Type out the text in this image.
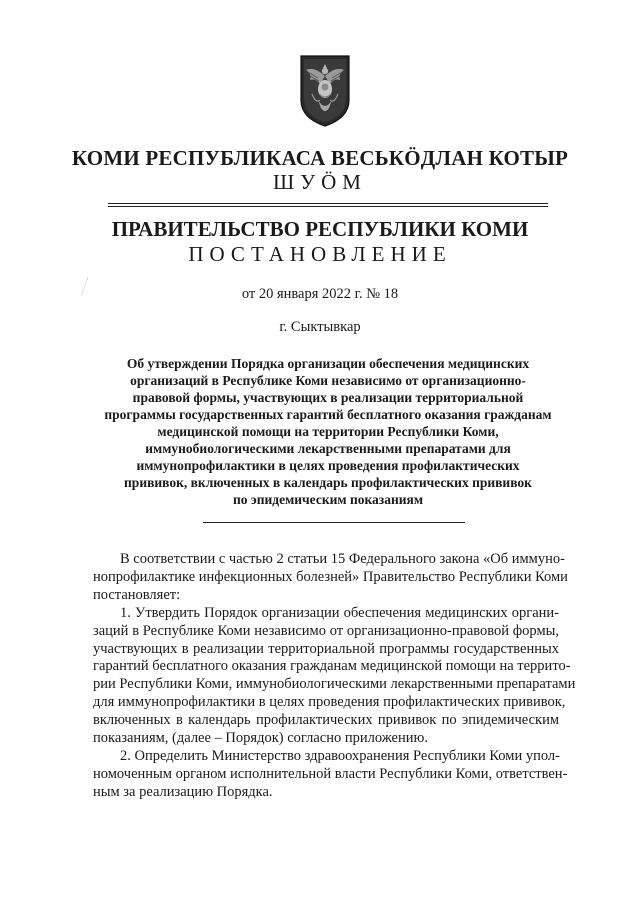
КОМИ РЕСПУБЛИКАСА ВЕСЬКӦДЛАН КОТЫР
ШУӦМ
ПРАВИТЕЛЬСТВО РЕСПУБЛИКИ КОМИ
ПОСТАНОВЛЕНИЕ
от 20 января 2022 г. № 18
г. Сыктывкар
Об утверждении Порядка организации обеспечения медицинских
организаций в Республике Коми независимо от организационно-
правовой формы, участвующих в реализации территориальной
программы государственных гарантий бесплатного оказания гражданам
медицинской помощи на территории Республики Коми,
иммунобиологическими лекарственными препаратами для
иммунопрофилактики в целях проведения профилактических
прививок, включенных в календарь профилактических прививок
по эпидемическим показаниям
В соответствии с частью 2 статьи 15 Федерального закона «Об иммуно-
нопрофилактике инфекционных болезней» Правительство Республики Коми
постановляет:
1. Утвердить Порядок организации обеспечения медицинских органи-
заций в Республике Коми независимо от организационно-правовой формы,
участвующих в реализации территориальной программы государственных
гарантий бесплатного оказания гражданам медицинской помощи на террито-
рии Республики Коми, иммунобиологическими лекарственными препаратами
для иммунопрофилактики в целях проведения профилактических прививок,
включенных в календарь профилактических прививок по эпидемическим
показаниям, (далее – Порядок) согласно приложению.
2. Определить Министерство здравоохранения Республики Коми упол-
номоченным органом исполнительной власти Республики Коми, ответствен-
ным за реализацию Порядка.
